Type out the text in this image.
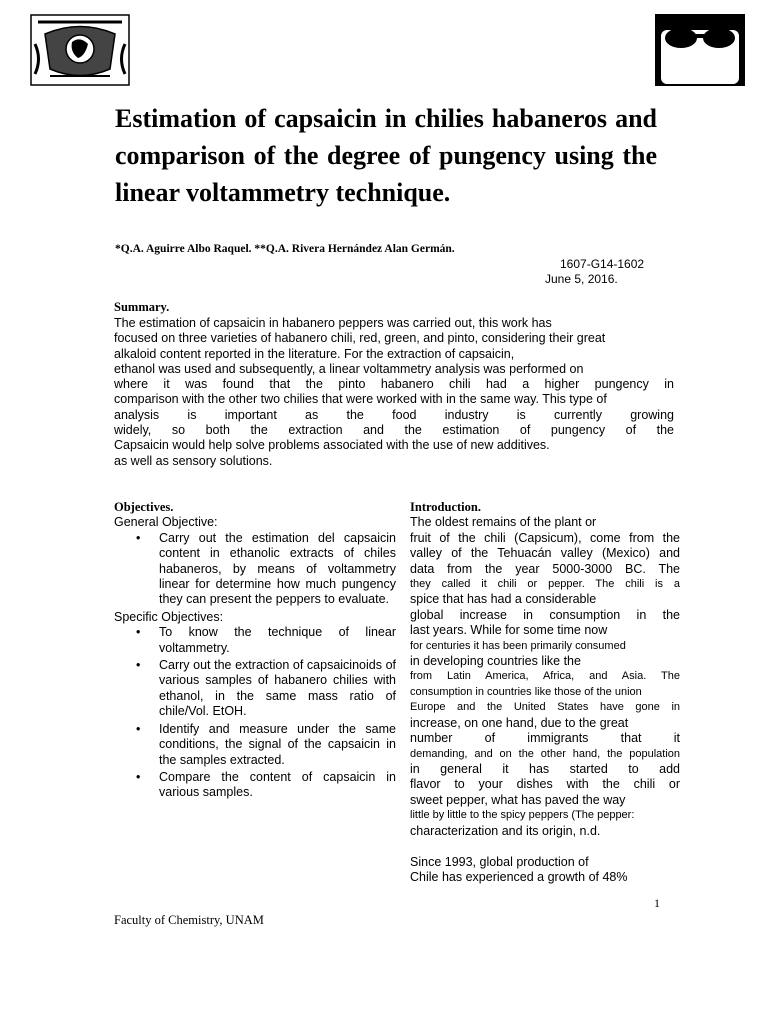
Estimation of capsaicin in chilies habaneros and comparison of the degree of pungency using the linear voltammetry technique.
*Q.A. Aguirre Albo Raquel. **Q.A. Rivera Hernández Alan Germán.
1607-G14-1602
June 5, 2016.
Summary.
The estimation of capsaicin in habanero peppers was carried out, this work has
focused on three varieties of habanero chili, red, green, and pinto, considering their great
alkaloid content reported in the literature. For the extraction of capsaicin,
ethanol was used and subsequently, a linear voltammetry analysis was performed on
where it was found that the pinto habanero chili had a higher pungency in
comparison with the other two chilies that were worked with in the same way. This type of
analysis is important as the food industry is currently growing
widely, so both the extraction and the estimation of pungency of the
Capsaicin would help solve problems associated with the use of new additives.
as well as sensory solutions.
Objectives.
General Objective:
• Carry out the estimation del capsaicin content in ethanolic extracts of chiles habaneros, by means of voltammetry linear for determine how much pungency they can present the peppers to evaluate.
Specific Objectives:
• To know the technique of linear voltammetry.
• Carry out the extraction of capsaicinoids of various samples of habanero chilies with ethanol, in the same mass ratio of chile/Vol. EtOH.
• Identify and measure under the same conditions, the signal of the capsaicin in the samples extracted.
• Compare the content of capsaicin in various samples.
Introduction.
The oldest remains of the plant or
fruit of the chili (Capsicum), come from the
valley of the Tehuacán valley (Mexico) and
data from the year 5000-3000 BC. The
they called it chili or pepper. The chili is a
spice that has had a considerable
global increase in consumption in the
last years. While for some time now
for centuries it has been primarily consumed
in developing countries like the
from Latin America, Africa, and Asia. The
consumption in countries like those of the union
Europe and the United States have gone in
increase, on one hand, due to the great
number of immigrants that it
demanding, and on the other hand, the population
in general it has started to add
flavor to your dishes with the chili or
sweet pepper, what has paved the way
little by little to the spicy peppers (The pepper:
characterization and its origin, n.d.
Since 1993, global production of
Chile has experienced a growth of 48%
1
Faculty of Chemistry, UNAM
